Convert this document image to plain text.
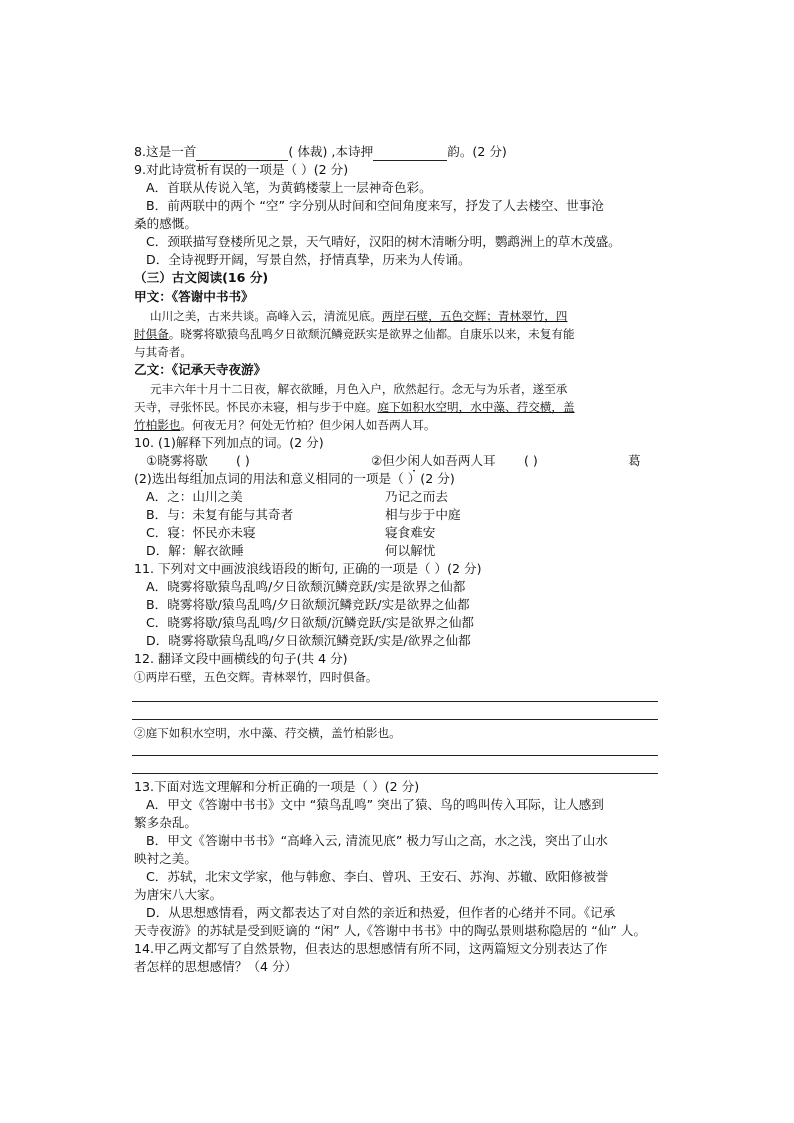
8.这是一首	( 体裁) ,本诗押	韵。(2 分)
9.对此诗赏析有误的一项是（ ）(2 分)
A．首联从传说入笔，为黄鹤楼蒙上一层神奇色彩。
B．前两联中的两个 “空” 字分别从时间和空间角度来写，抒发了人去楼空、世事沧
桑的感慨。
C．颈联描写登楼所见之景，天气晴好，汉阳的树木清晰分明，鹦鹉洲上的草木茂盛。
D．全诗视野开阔，写景自然，抒情真挚，历来为人传诵。
（三）古文阅读(16 分)
甲文：《答谢中书书》
山川之美，古来共谈。高峰入云，清流见底。两岸石壁，五色交辉；青林翠竹，四
时俱备。晓雾将歇猿鸟乱鸣夕日欲颓沉鳞竞跃实是欲界之仙都。自康乐以来，未复有能
与其奇者。
乙文：《记承天寺夜游》
元丰六年十月十二日夜，解衣欲睡，月色入户，欣然起行。念无与为乐者，遂至承
天寺，寻张怀民。怀民亦未寝，相与步于中庭。庭下如积水空明，水中藻、荇交横，盖
竹柏影也。何夜无月？何处无竹柏？但少闲人如吾两人耳。
10. (1)解释下列加点的词。(2 分)
①晓雾将歇 ( )	②但少闲人如吾两人耳 ( )	葛
(2)选出每组加点词的用法和意义相同的一项是（ ）(2 分)
A．之：山川之美	乃记之而去
B．与：未复有能与其奇者	相与步于中庭
C．寝：怀民亦未寝	寝食难安
D．解：解衣欲睡	何以解忧
11. 下列对文中画波浪线语段的断句, 正确的一项是（ ）(2 分)
A．晓雾将歇猿鸟乱鸣/夕日欲颓沉鳞竞跃/实是欲界之仙都
B．晓雾将歇/猿鸟乱鸣/夕日欲颓沉鳞竞跃/实是欲界之仙都
C．晓雾将歇/猿鸟乱鸣/夕日欲颓/沉鳞竞跃/实是欲界之仙都
D．晓雾将歇猿鸟乱鸣/夕日欲颓沉鳞竞跃/实是/欲界之仙都
12. 翻译文段中画横线的句子(共 4 分)
①两岸石壁，五色交辉。青林翠竹，四时俱备。
②庭下如积水空明，水中藻、荇交横，盖竹柏影也。
13.下面对选文理解和分析正确的一项是（ ）(2 分)
A．甲文《答谢中书书》文中 “猿鸟乱鸣” 突出了猿、鸟的鸣叫传入耳际，让人感到
繁多杂乱。
B．甲文《答谢中书书》“高峰入云, 清流见底” 极力写山之高，水之浅，突出了山水
映衬之美。
C．苏轼，北宋文学家，他与韩愈、李白、曾巩、王安石、苏洵、苏辙、欧阳修被誉
为唐宋八大家。
D．从思想感情看，两文都表达了对自然的亲近和热爱，但作者的心绪并不同。《记承
天寺夜游》的苏轼是受到贬谪的 “闲” 人,《答谢中书书》中的陶弘景则堪称隐居的 “仙” 人。
14.甲乙两文都写了自然景物，但表达的思想感情有所不同，这两篇短文分别表达了作
者怎样的思想感情？（4 分）
